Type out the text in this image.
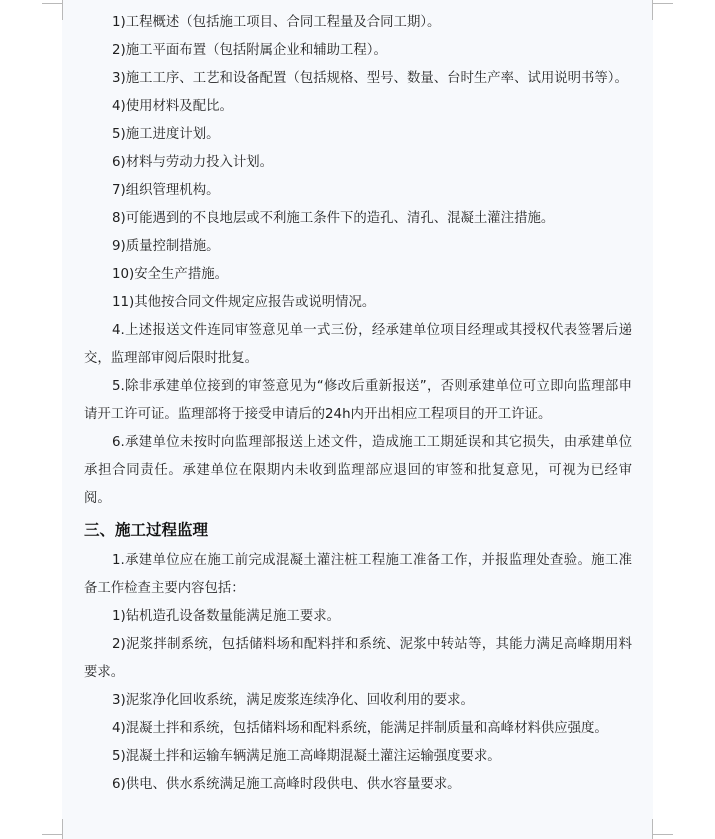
1)工程概述（包括施工项目、合同工程量及合同工期）。

2)施工平面布置（包括附属企业和辅助工程）。

3)施工工序、工艺和设备配置（包括规格、型号、数量、台时生产率、试用说明书等）。

4)使用材料及配比。

5)施工进度计划。

6)材料与劳动力投入计划。

7)组织管理机构。

8)可能遇到的不良地层或不利施工条件下的造孔、清孔、混凝土灌注措施。

9)质量控制措施。

10)安全生产措施。

11)其他按合同文件规定应报告或说明情况。

4.上述报送文件连同审签意见单一式三份，经承建单位项目经理或其授权代表签署后递交，监理部审阅后限时批复。

5.除非承建单位接到的审签意见为“修改后重新报送”，否则承建单位可立即向监理部申请开工许可证。监理部将于接受申请后的24h内开出相应工程项目的开工许证。

6.承建单位未按时向监理部报送上述文件，造成施工工期延误和其它损失，由承建单位承担合同责任。承建单位在限期内未收到监理部应退回的审签和批复意见，可视为已经审阅。

三、施工过程监理

1.承建单位应在施工前完成混凝土灌注桩工程施工准备工作，并报监理处查验。施工准备工作检查主要内容包括：

1)钻机造孔设备数量能满足施工要求。

2)泥浆拌制系统，包括储料场和配料拌和系统、泥浆中转站等，其能力满足高峰期用料要求。

3)泥浆净化回收系统，满足废浆连续净化、回收利用的要求。

4)混凝土拌和系统，包括储料场和配料系统，能满足拌制质量和高峰材料供应强度。

5)混凝土拌和运输车辆满足施工高峰期混凝土灌注运输强度要求。

6)供电、供水系统满足施工高峰时段供电、供水容量要求。
